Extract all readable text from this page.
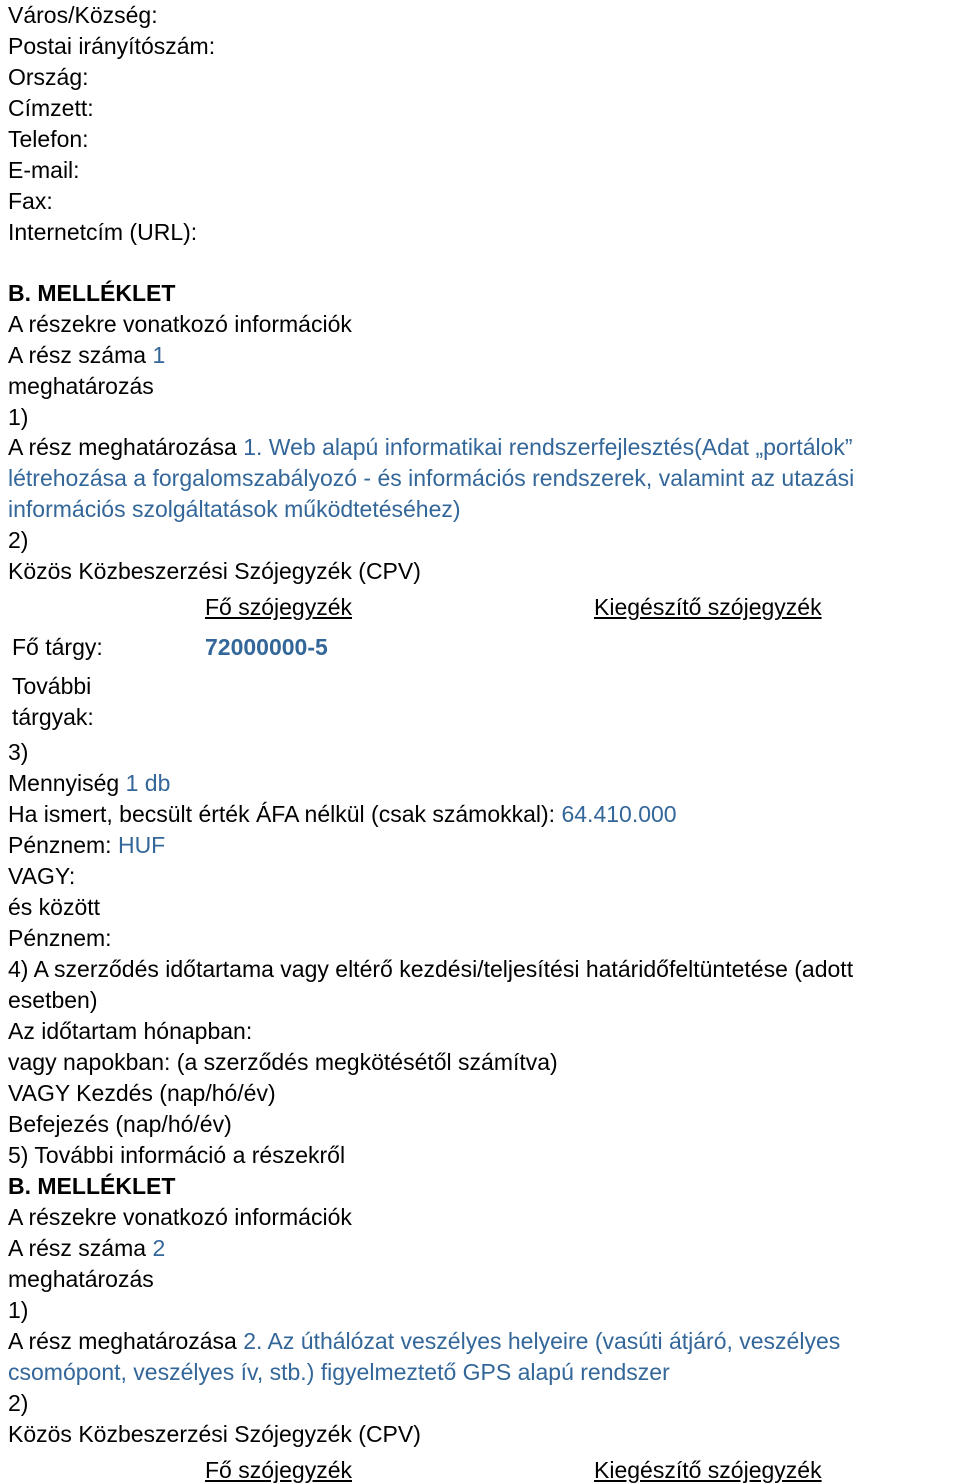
Város/Község:
Postai irányítószám:
Ország:
Címzett:
Telefon:
E-mail:
Fax:
Internetcím (URL):
B. MELLÉKLET
A részekre vonatkozó információk
A rész száma 1
meghatározás
1)
A rész meghatározása 1. Web alapú informatikai rendszerfejlesztés(Adat „portálok”
létrehozása a forgalomszabályozó - és információs rendszerek, valamint az utazási
információs szolgáltatások működtetéséhez)
2)
Közös Közbeszerzési Szójegyzék (CPV)
Fő szójegyzék	Kiegészítő szójegyzék
Fő tárgy:	72000000-5
További
tárgyak:
3)
Mennyiség 1 db
Ha ismert, becsült érték ÁFA nélkül (csak számokkal): 64.410.000
Pénznem: HUF
VAGY:
és között
Pénznem:
4) A szerződés időtartama vagy eltérő kezdési/teljesítési határidőfeltüntetése (adott
esetben)
Az időtartam hónapban:
vagy napokban: (a szerződés megkötésétől számítva)
VAGY Kezdés (nap/hó/év)
Befejezés (nap/hó/év)
5) További információ a részekről
B. MELLÉKLET
A részekre vonatkozó információk
A rész száma 2
meghatározás
1)
A rész meghatározása 2. Az úthálózat veszélyes helyeire (vasúti átjáró, veszélyes
csomópont, veszélyes ív, stb.) figyelmeztető GPS alapú rendszer
2)
Közös Közbeszerzési Szójegyzék (CPV)
Fő szójegyzék	Kiegészítő szójegyzék
